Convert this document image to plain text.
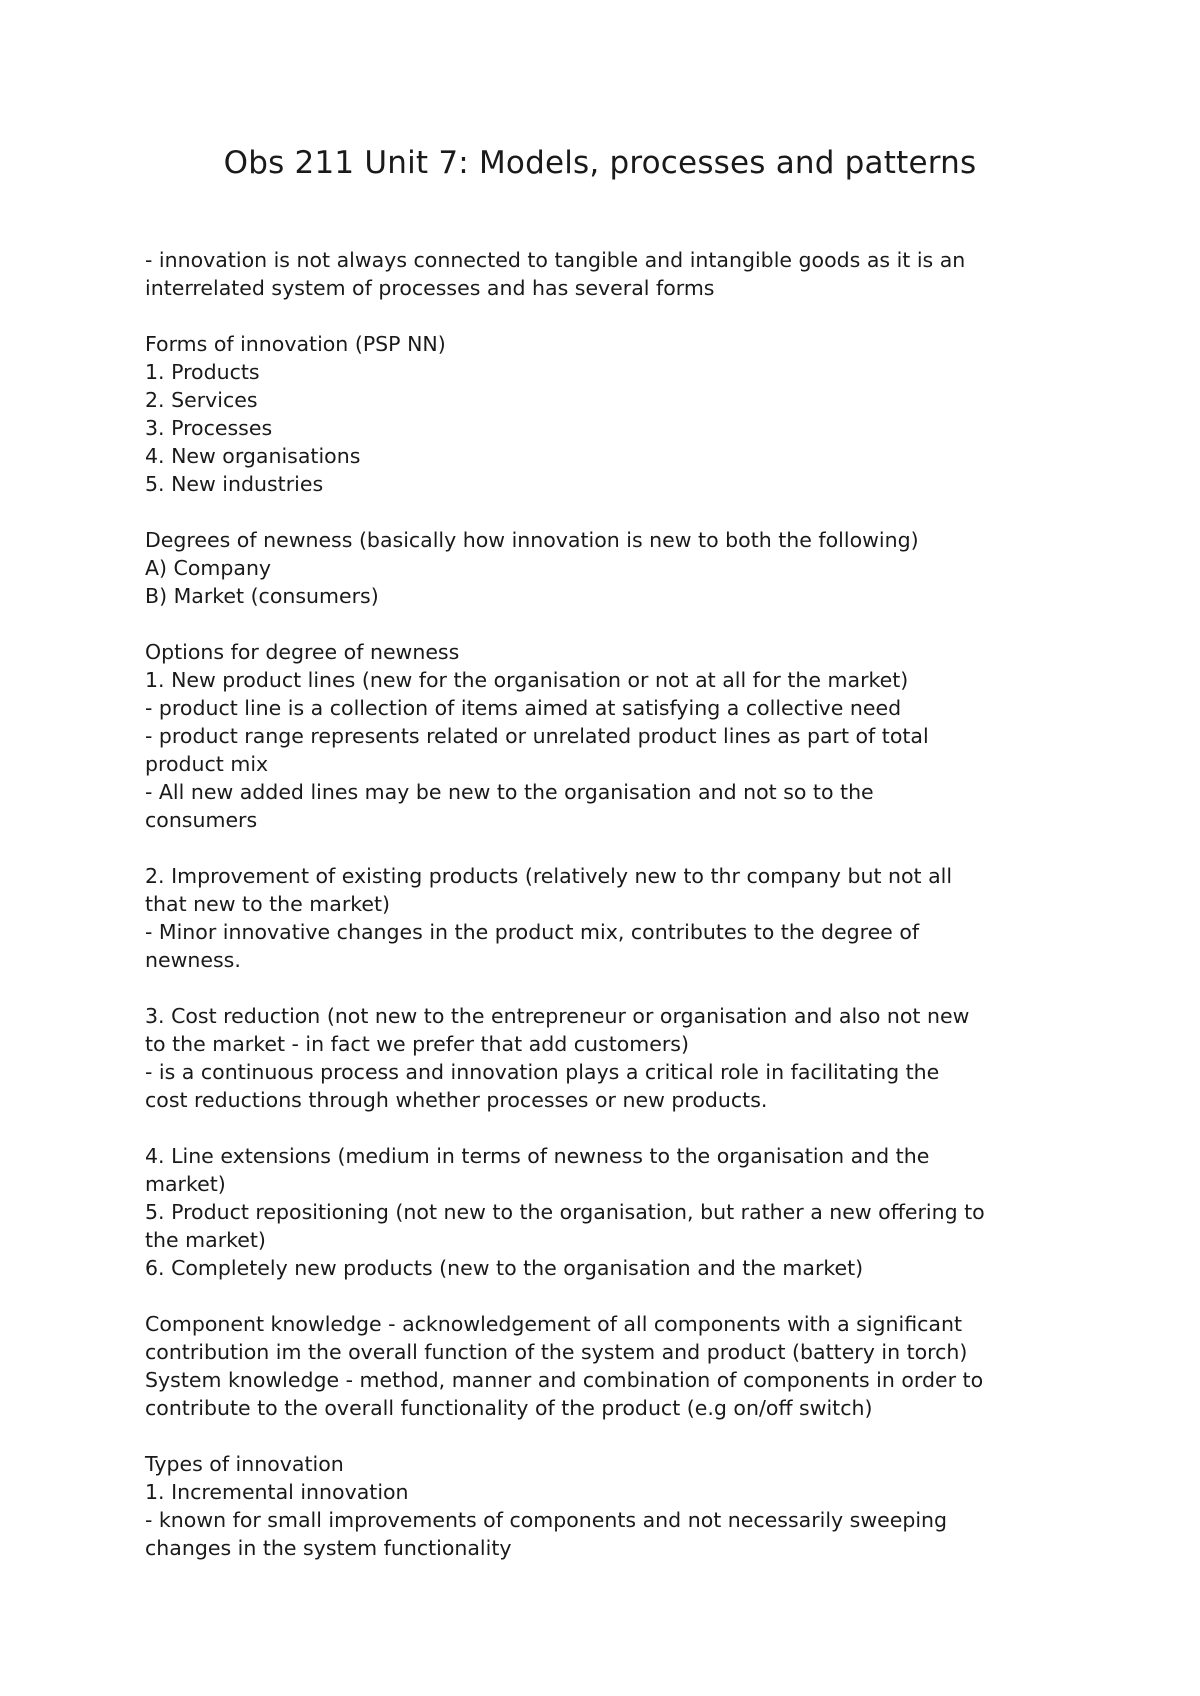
Obs 211 Unit 7: Models, processes and patterns
- innovation is not always connected to tangible and intangible goods as it is an
interrelated system of processes and has several forms
Forms of innovation (PSP NN)
1. Products
2. Services
3. Processes
4. New organisations
5. New industries
Degrees of newness (basically how innovation is new to both the following)
A) Company
B) Market (consumers)
Options for degree of newness
1. New product lines (new for the organisation or not at all for the market)
- product line is a collection of items aimed at satisfying a collective need
- product range represents related or unrelated product lines as part of total
product mix
- All new added lines may be new to the organisation and not so to the
consumers
2. Improvement of existing products (relatively new to thr company but not all
that new to the market)
- Minor innovative changes in the product mix, contributes to the degree of
newness.
3. Cost reduction (not new to the entrepreneur or organisation and also not new
to the market - in fact we prefer that add customers)
- is a continuous process and innovation plays a critical role in facilitating the
cost reductions through whether processes or new products.
4. Line extensions (medium in terms of newness to the organisation and the
market)
5. Product repositioning (not new to the organisation, but rather a new offering to
the market)
6. Completely new products (new to the organisation and the market)
Component knowledge - acknowledgement of all components with a significant
contribution im the overall function of the system and product (battery in torch)
System knowledge - method, manner and combination of components in order to
contribute to the overall functionality of the product (e.g on/off switch)
Types of innovation
1. Incremental innovation
- known for small improvements of components and not necessarily sweeping
changes in the system functionality
